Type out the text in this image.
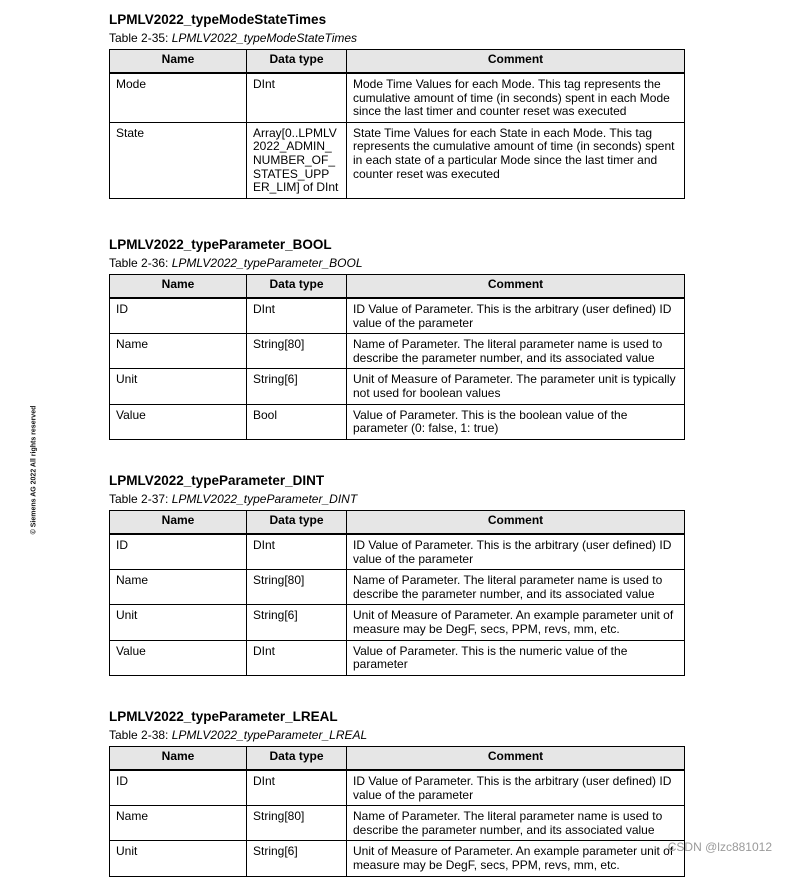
© Siemens AG 2022 All rights reserved
LPMLV2022_typeModeStateTimes
Table 2-35: LPMLV2022_typeModeStateTimes
Name	Data type	Comment
Mode	DInt	Mode Time Values for each Mode. This tag represents the cumulative amount of time (in seconds) spent in each Mode since the last timer and counter reset was executed
State	Array[0..LPMLV 2022_ADMIN_ NUMBER_OF_ STATES_UPP ER_LIM] of DInt	State Time Values for each State in each Mode. This tag represents the cumulative amount of time (in seconds) spent in each state of a particular Mode since the last timer and counter reset was executed
LPMLV2022_typeParameter_BOOL
Table 2-36: LPMLV2022_typeParameter_BOOL
Name	Data type	Comment
ID	DInt	ID Value of Parameter. This is the arbitrary (user defined) ID value of the parameter
Name	String[80]	Name of Parameter. The literal parameter name is used to describe the parameter number, and its associated value
Unit	String[6]	Unit of Measure of Parameter. The parameter unit is typically not used for boolean values
Value	Bool	Value of Parameter. This is the boolean value of the parameter (0: false, 1: true)
LPMLV2022_typeParameter_DINT
Table 2-37: LPMLV2022_typeParameter_DINT
Name	Data type	Comment
ID	DInt	ID Value of Parameter. This is the arbitrary (user defined) ID value of the parameter
Name	String[80]	Name of Parameter. The literal parameter name is used to describe the parameter number, and its associated value
Unit	String[6]	Unit of Measure of Parameter. An example parameter unit of measure may be DegF, secs, PPM, revs, mm, etc.
Value	DInt	Value of Parameter. This is the numeric value of the parameter
LPMLV2022_typeParameter_LREAL
Table 2-38: LPMLV2022_typeParameter_LREAL
Name	Data type	Comment
ID	DInt	ID Value of Parameter. This is the arbitrary (user defined) ID value of the parameter
Name	String[80]	Name of Parameter. The literal parameter name is used to describe the parameter number, and its associated value
Unit	String[6]	Unit of Measure of Parameter. An example parameter unit of measure may be DegF, secs, PPM, revs, mm, etc.
CSDN @lzc881012
